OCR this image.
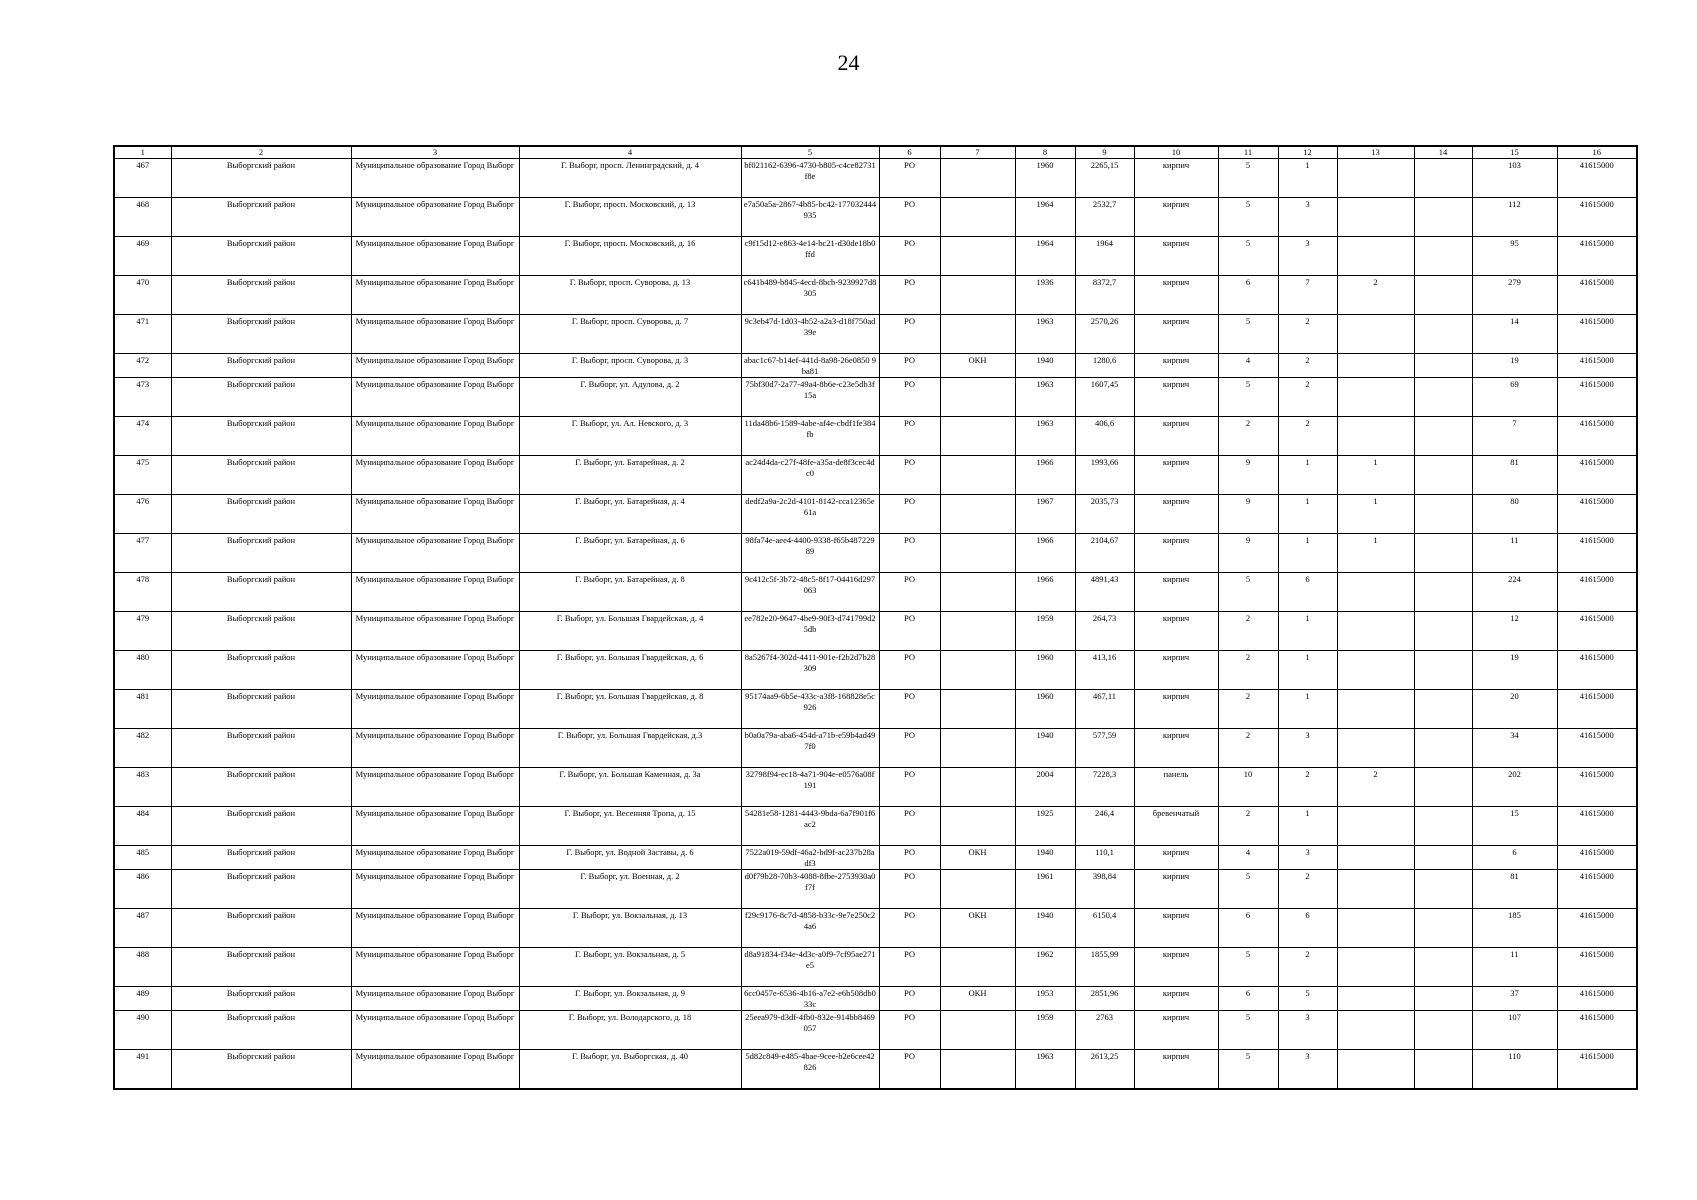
24
1	2	3	4	5	6	7	8	9	10	11	12	13	14	15	16
467	Выборгский район	Муниципальное образование Город Выборг	Г. Выборг, просп. Ленинградский, д. 4	bf021162-6396-4730-b805-c4ce82731f8e	РО		1960	2265,15	кирпич	5	1			103	41615000
468	Выборгский район	Муниципальное образование Город Выборг	Г. Выборг, просп. Московский, д. 13	e7a50a5a-2867-4b85-bc42-177032444935	РО		1964	2532,7	кирпич	5	3			112	41615000
469	Выборгский район	Муниципальное образование Город Выборг	Г. Выборг, просп. Московский, д. 16	c9f15d12-e863-4e14-bc21-d30de18b0ffd	РО		1964	1964	кирпич	5	3			95	41615000
470	Выборгский район	Муниципальное образование Город Выборг	Г. Выборг, просп. Суворова, д. 13	c641b489-b845-4ecd-8bcb-9239927d8305	РО		1936	8372,7	кирпич	6	7	2		279	41615000
471	Выборгский район	Муниципальное образование Город Выборг	Г. Выборг, просп. Суворова, д. 7	9c3eb47d-1d03-4b52-a2a3-d18f750ad39e	РО		1963	2570,26	кирпич	5	2			14	41615000
472	Выборгский район	Муниципальное образование Город Выборг	Г. Выборг, просп. Суворова, д. 3	abac1c67-b14ef-441d-8a98-26e0850 9ba81	РО	ОКН	1940	1280,6	кирпич	4	2			19	41615000
473	Выборгский район	Муниципальное образование Город Выборг	Г. Выборг, ул. Адулова, д. 2	75bf30d7-2a77-49a4-8b6e-c23e5db3f15a	РО		1963	1607,45	кирпич	5	2			69	41615000
474	Выборгский район	Муниципальное образование Город Выборг	Г. Выборг, ул. Ал. Невского, д. 3	11da48b6-1589-4abe-af4e-cbdf1fe384fb	РО		1963	406,6	кирпич	2	2			7	41615000
475	Выборгский район	Муниципальное образование Город Выборг	Г. Выборг, ул. Батарейная, д. 2	ac24d4da-c27f-48fe-a35a-de8f3cec4dc0	РО		1966	1993,66	кирпич	9	1	1		81	41615000
476	Выборгский район	Муниципальное образование Город Выборг	Г. Выборг, ул. Батарейная, д. 4	dedf2a9a-2c2d-4101-8142-cca12365e61a	РО		1967	2035,73	кирпич	9	1	1		80	41615000
477	Выборгский район	Муниципальное образование Город Выборг	Г. Выборг, ул. Батарейная, д. 6	98fa74e-aee4-4400-9338-f65b48722989	РО		1966	2104,67	кирпич	9	1	1		11	41615000
478	Выборгский район	Муниципальное образование Город Выборг	Г. Выборг, ул. Батарейная, д. 8	9c412c5f-3b72-48c5-8f17-04416d297063	РО		1966	4891,43	кирпич	5	6			224	41615000
479	Выборгский район	Муниципальное образование Город Выборг	Г. Выборг, ул. Большая Гвардейская, д. 4	ee782e20-9647-4be9-90f3-d741799d25db	РО		1959	264,73	кирпич	2	1			12	41615000
480	Выборгский район	Муниципальное образование Город Выборг	Г. Выборг, ул. Большая Гвардейская, д. 6	8a5267f4-302d-4411-901e-f2b2d7b28309	РО		1960	413,16	кирпич	2	1			19	41615000
481	Выборгский район	Муниципальное образование Город Выборг	Г. Выборг, ул. Большая Гвардейская, д. 8	95174aa9-6b5e-433c-a3f8-168828e5c926	РО		1960	467,11	кирпич	2	1			20	41615000
482	Выборгский район	Муниципальное образование Город Выборг	Г. Выборг, ул. Большая Гвардейская, д.3	b0a0a79a-aba6-454d-a71b-e59b4ad497f0	РО		1940	577,59	кирпич	2	3			34	41615000
483	Выборгский район	Муниципальное образование Город Выборг	Г. Выборг, ул. Большая Каменная, д. 3а	32798f94-ec18-4a71-904e-e0576a08f191	РО		2004	7228,3	панель	10	2	2		202	41615000
484	Выборгский район	Муниципальное образование Город Выборг	Г. Выборг, ул. Весенняя Тропа, д. 15	54281e58-1281-4443-9bda-6a7f901f6ac2	РО		1925	246,4	бревенчатый	2	1			15	41615000
485	Выборгский район	Муниципальное образование Город Выборг	Г. Выборг, ул. Водной Заставы, д. 6	7522a019-59df-46a2-bd9f-ac237b28adf3	РО	ОКН	1940	110,1	кирпич	4	3			6	41615000
486	Выборгский район	Муниципальное образование Город Выборг	Г. Выборг, ул. Военная, д. 2	d0f79b28-70b3-4088-8fbe-2753930a0f7f	РО		1961	398,84	кирпич	5	2			81	41615000
487	Выборгский район	Муниципальное образование Город Выборг	Г. Выборг, ул. Вокзальная, д. 13	f29c9176-8c7d-4858-b33c-9e7e250c24a6	РО	ОКН	1940	6150,4	кирпич	6	6			185	41615000
488	Выборгский район	Муниципальное образование Город Выборг	Г. Выборг, ул. Вокзальная, д. 5	d8a91834-f34e-4d3c-a0f9-7cf95ae271e5	РО		1962	1855,99	кирпич	5	2			11	41615000
489	Выборгский район	Муниципальное образование Город Выборг	Г. Выборг, ул. Вокзальная, д. 9	6cc0457e-6536-4b16-a7e2-e6b508db033c	РО	ОКН	1953	2851,96	кирпич	6	5			37	41615000
490	Выборгский район	Муниципальное образование Город Выборг	Г. Выборг, ул. Володарского, д. 18	25eea979-d3df-4fb0-832e-914bb8469057	РО		1959	2763	кирпич	5	3			107	41615000
491	Выборгский район	Муниципальное образование Город Выборг	Г. Выборг, ул. Выборгская, д. 40	5d82c849-e485-4bae-9cee-b2e6cee42826	РО		1963	2613,25	кирпич	5	3			110	41615000
